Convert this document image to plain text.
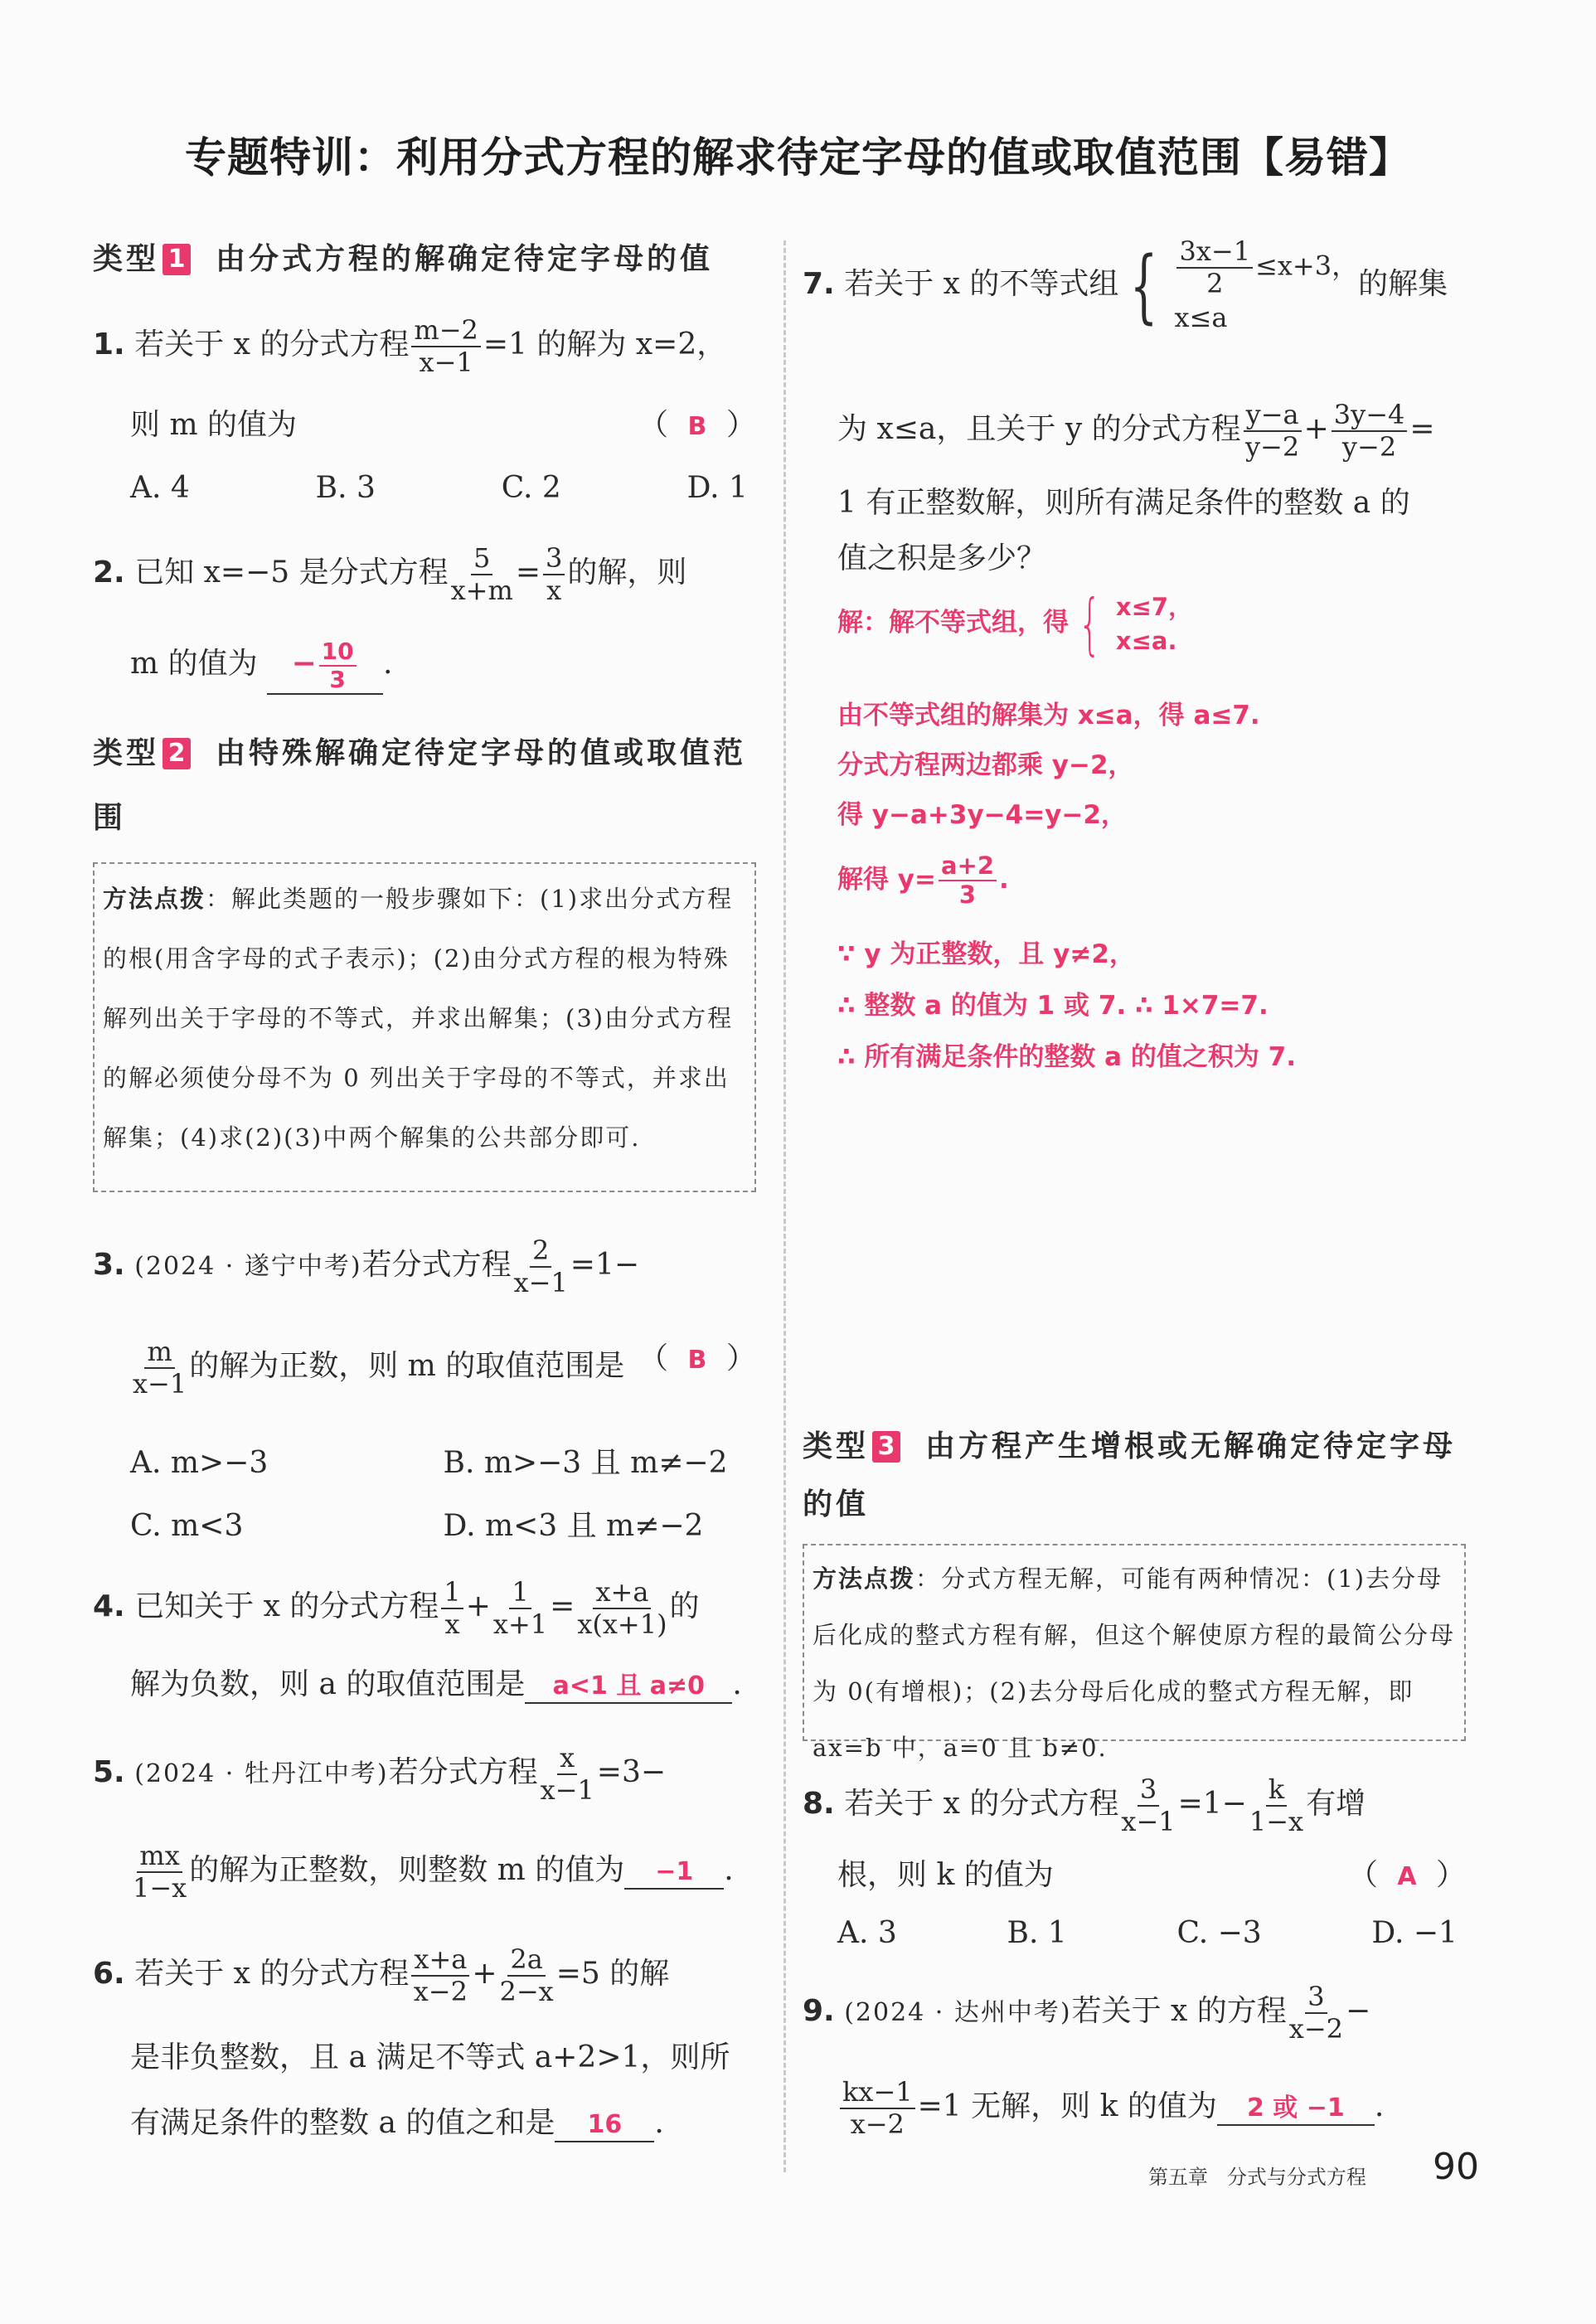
专题特训：利用分式方程的解求待定字母的值或取值范围【易错】
类型 1 由分式方程的解确定待定字母的值
1. 若关于 x 的分式方程 $\frac{m-2}{x-1} =1$ 的解为 x=2，
则 m 的值为	（ B ）
A. 4	B. 3	C. 2	D. 1
2. 已知 x=−5 是分式方程 $\frac{5}{x+m} = \frac{3}{x}$ 的解，则
m 的值为 − $\frac{10}{3}$ .
类型 2 由特殊解确定待定字母的值或取值范围
方法点拨：解此类题的一般步骤如下：(1)求出分式方程的根(用含字母的式子表示)；(2)由分式方程的根为特殊解列出关于字母的不等式，并求出解集；(3)由分式方程的解必须使分母不为 0 列出关于字母的不等式，并求出解集；(4)求(2)(3)中两个解集的公共部分即可.
3. (2024 · 遂宁中考)若分式方程 $\frac{2}{x-1} =1-$
$\frac{m}{x-1}$ 的解为正数，则 m 的取值范围是 （ B ）
A. m>−3	B. m>−3 且 m≠−2
C. m<3	D. m<3 且 m≠−2
4. 已知关于 x 的分式方程 $\frac{1}{x} + \frac{1}{x+1} = \frac{x+a}{x(x+1)}$ 的
解为负数，则 a 的取值范围是 a<1 且 a≠0 .
5. (2024 · 牡丹江中考)若分式方程 $\frac{x}{x-1} =3-$
$\frac{mx}{1-x}$ 的解为正整数，则整数 m 的值为 −1 .
6. 若关于 x 的分式方程 $\frac{x+a}{x-2} + \frac{2a}{2-x} =5$ 的解
是非负整数，且 a 满足不等式 a+2>1，则所
有满足条件的整数 a 的值之和是 16 .
7. 若关于 x 的不等式组 { $\frac{3x-1}{2} \le x+3$，
x≤a
的解集
为 x≤a，且关于 y 的分式方程 $\frac{y-a}{y-2} + \frac{3y-4}{y-2}$ =
1 有正整数解，则所有满足条件的整数 a 的
值之积是多少？
解：解不等式组，得 { x≤7，
x≤a.
由不等式组的解集为 x≤a，得 a≤7.
分式方程两边都乘 y−2，
得 y−a+3y−4=y−2，
解得 $y= \frac{a+2}{3}$ .
∵ y 为正整数，且 y≠2，
∴ 整数 a 的值为 1 或 7. ∴ 1×7=7.
∴ 所有满足条件的整数 a 的值之积为 7.
类型 3 由方程产生增根或无解确定待定字母的值
方法点拨：分式方程无解，可能有两种情况：(1)去分母后化成的整式方程有解，但这个解使原方程的最简公分母为 0(有增根)；(2)去分母后化成的整式方程无解，即 ax=b 中，a=0 且 b≠0.
8. 若关于 x 的分式方程 $\frac{3}{x-1} =1- \frac{k}{1-x}$ 有增
根，则 k 的值为	（ A ）
A. 3	B. 1	C. −3	D. −1
9. (2024 · 达州中考)若关于 x 的方程 $\frac{3}{x-2}$ −
$\frac{kx-1}{x-2} =1$ 无解，则 k 的值为 2 或 −1 .
第五章 分式与分式方程 90
